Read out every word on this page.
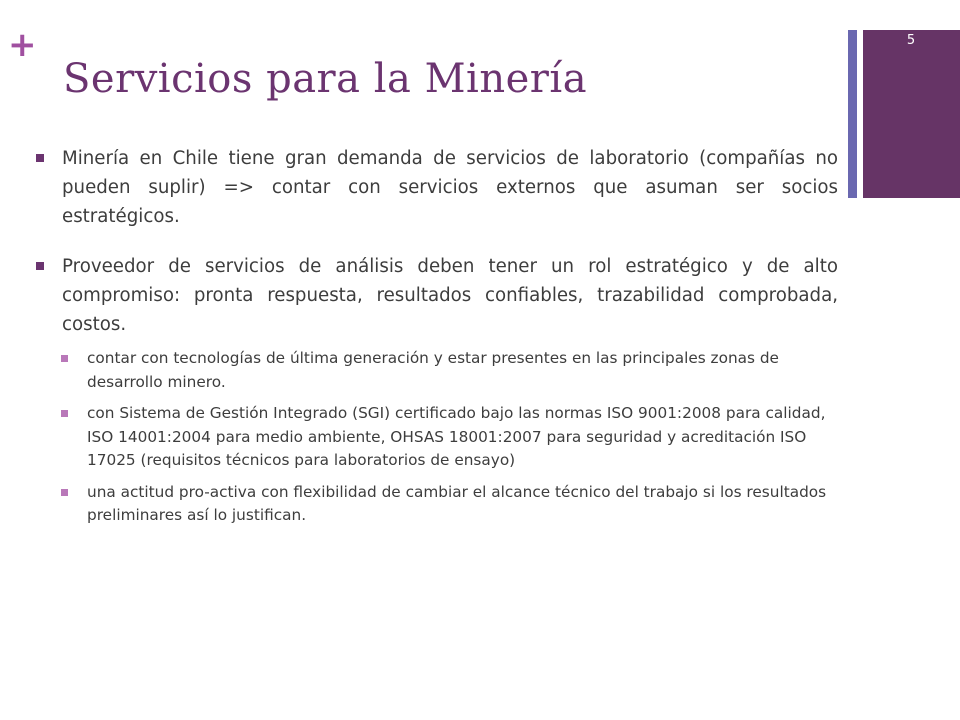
+
Servicios para la Minería
5
Minería en Chile tiene gran demanda de servicios de laboratorio (compañías no pueden suplir) => contar con servicios externos que asuman ser socios estratégicos.
Proveedor de servicios de análisis deben tener un rol estratégico y de alto compromiso: pronta respuesta, resultados confiables, trazabilidad comprobada, costos.
contar con tecnologías de última generación y estar presentes en las principales zonas de desarrollo minero.
con Sistema de Gestión Integrado (SGI) certificado bajo las normas ISO 9001:2008 para calidad, ISO 14001:2004 para medio ambiente, OHSAS 18001:2007 para seguridad y acreditación ISO 17025 (requisitos técnicos para laboratorios de ensayo)
una actitud pro-activa con flexibilidad de cambiar el alcance técnico del trabajo si los resultados preliminares así lo justifican.
